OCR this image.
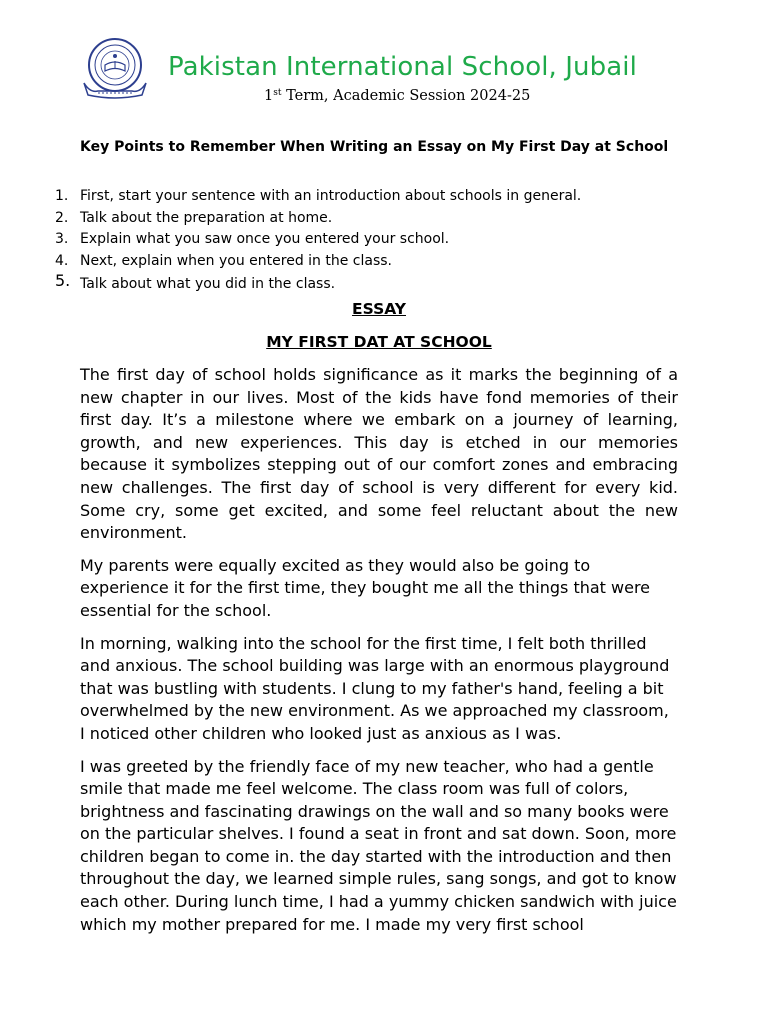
Pakistan International School, Jubail
1st Term, Academic Session 2024-25
Key Points to Remember When Writing an Essay on My First Day at School
1. First, start your sentence with an introduction about schools in general.
2. Talk about the preparation at home.
3. Explain what you saw once you entered your school.
4. Next, explain when you entered in the class.
5. Talk about what you did in the class.
ESSAY
MY FIRST DAT AT SCHOOL

The first day of school holds significance as it marks the beginning of a new chapter in our lives. Most of the kids have fond memories of their first day. It’s a milestone where we embark on a journey of learning, growth, and new experiences. This day is etched in our memories because it symbolizes stepping out of our comfort zones and embracing new challenges. The first day of school is very different for every kid. Some cry, some get excited, and some feel reluctant about the new environment.

My parents were equally excited as they would also be going to experience it for the first time, they bought me all the things that were essential for the school.

In morning, walking into the school for the first time, I felt both thrilled and anxious. The school building was large with an enormous playground that was bustling with students. I clung to my father's hand, feeling a bit overwhelmed by the new environment. As we approached my classroom, I noticed other children who looked just as anxious as I was.

I was greeted by the friendly face of my new teacher, who had a gentle smile that made me feel welcome. The class room was full of colors, brightness and fascinating drawings on the wall and so many books were on the particular shelves. I found a seat in front and sat down. Soon, more children began to come in. the day started with the introduction and then throughout the day, we learned simple rules, sang songs, and got to know each other. During lunch time, I had a yummy chicken sandwich with juice which my mother prepared for me. I made my very first school
